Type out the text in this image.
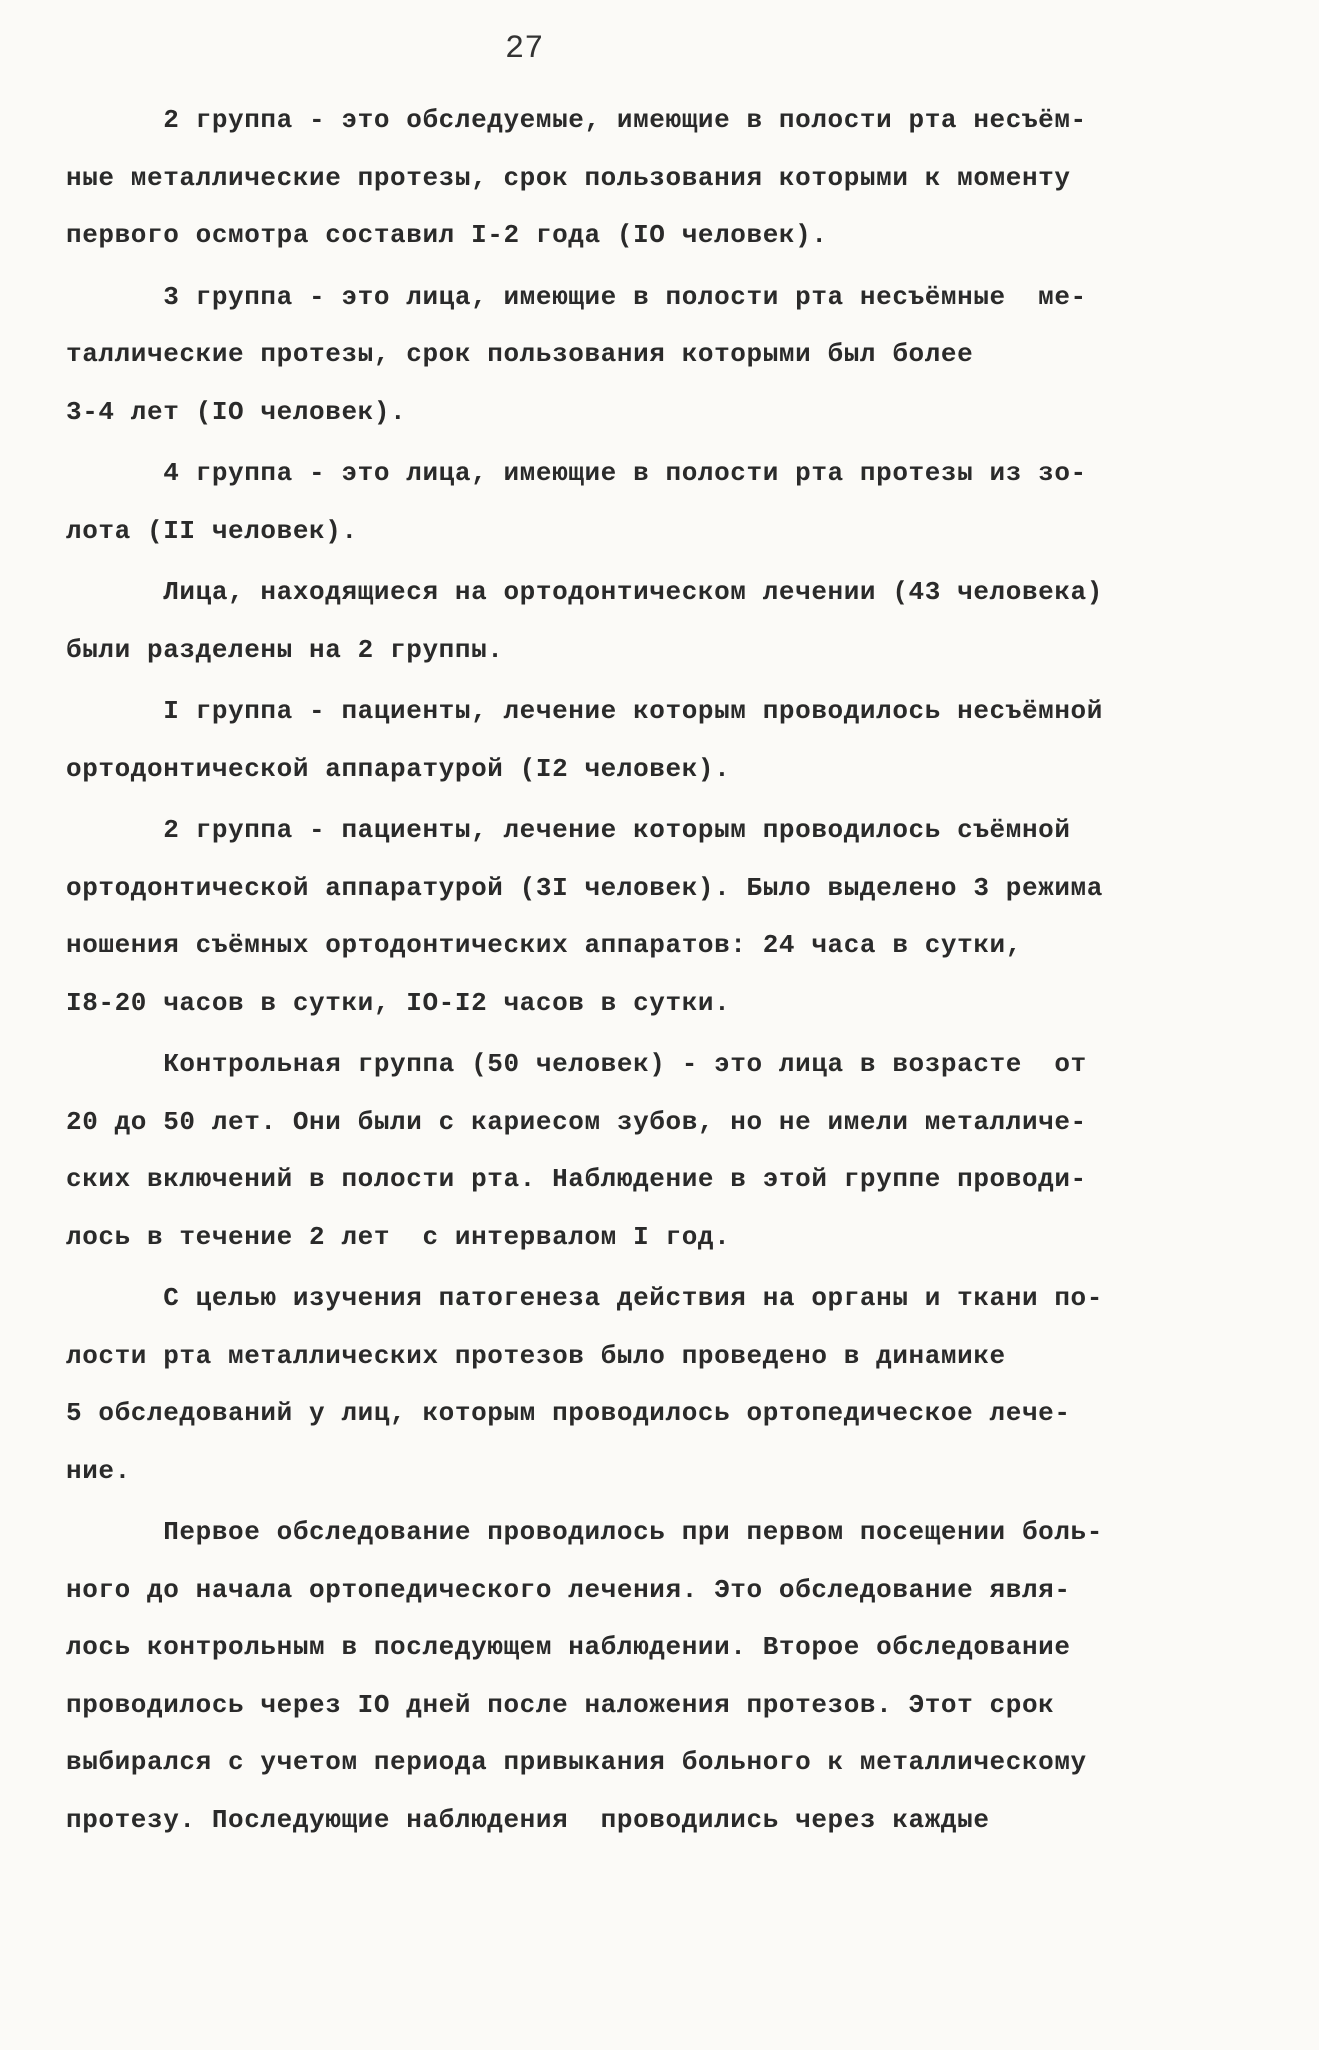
27
2 группа - это обследуемые, имеющие в полости рта несъём-
ные металлические протезы, срок пользования которыми к моменту
первого осмотра составил I-2 года (IO человек).
3 группа - это лица, имеющие в полости рта несъёмные  ме-
таллические протезы, срок пользования которыми был более
3-4 лет (IO человек).
4 группа - это лица, имеющие в полости рта протезы из зо-
лота (II человек).
Лица, находящиеся на ортодонтическом лечении (43 человека)
были разделены на 2 группы.
I группа - пациенты, лечение которым проводилось несъёмной
ортодонтической аппаратурой (I2 человек).
2 группа - пациенты, лечение которым проводилось съёмной
ортодонтической аппаратурой (3I человек). Было выделено 3 режима
ношения съёмных ортодонтических аппаратов: 24 часа в сутки,
I8-20 часов в сутки, IO-I2 часов в сутки.
Контрольная группа (50 человек) - это лица в возрасте  от
20 до 50 лет. Они были с кариесом зубов, но не имели металличе-
ских включений в полости рта. Наблюдение в этой группе проводи-
лось в течение 2 лет  с интервалом I год.
С целью изучения патогенеза действия на органы и ткани по-
лости рта металлических протезов было проведено в динамике
5 обследований у лиц, которым проводилось ортопедическое лече-
ние.
Первое обследование проводилось при первом посещении боль-
ного до начала ортопедического лечения. Это обследование явля-
лось контрольным в последующем наблюдении. Второе обследование
проводилось через IO дней после наложения протезов. Этот срок
выбирался с учетом периода привыкания больного к металлическому
протезу. Последующие наблюдения  проводились через каждые
